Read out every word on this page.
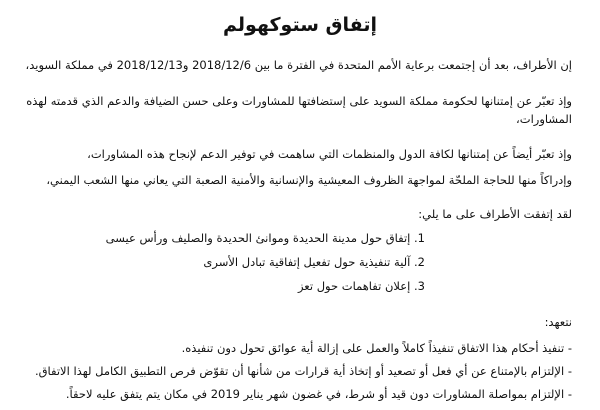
إتفاق ستوكهولم
إن الأطراف، بعد أن إجتمعت برعاية الأمم المتحدة في الفترة ما بين 2018/12/6 و2018/12/13 في مملكة السويد،
وإذ تعبّر عن إمتنانها لحكومة مملكة السويد على إستضافتها للمشاورات وعلى حسن الضيافة والدعم الذي قدمته لهذه المشاورات،
وإذ تعبّر أيضاً عن إمتنانها لكافة الدول والمنظمات التي ساهمت في توفير الدعم لإنجاح هذه المشاورات،
وإدراكاً منها للحاجة الملحّة لمواجهة الظروف المعيشية والإنسانية والأمنية الصعبة التي يعاني منها الشعب اليمني،
لقد إتفقت الأطراف على ما يلي:
1. إتفاق حول مدينة الحديدة وموانئ الحديدة والصليف ورأس عيسى
2. آلية تنفيذية حول تفعيل إتفاقية تبادل الأسرى
3. إعلان تفاهمات حول تعز
نتعهد:
- تنفيذ أحكام هذا الاتفاق تنفيذاً كاملاً والعمل على إزالة أية عوائق تحول دون تنفيذه.
- الإلتزام بالإمتناع عن أي فعل أو تصعيد أو إتخاذ أية قرارات من شأنها أن تقوّض فرص التطبيق الكامل لهذا الاتفاق.
- الإلتزام بمواصلة المشاورات دون قيد أو شرط، في غضون شهر يناير 2019 في مكان يتم يتفق عليه لاحقاً.
